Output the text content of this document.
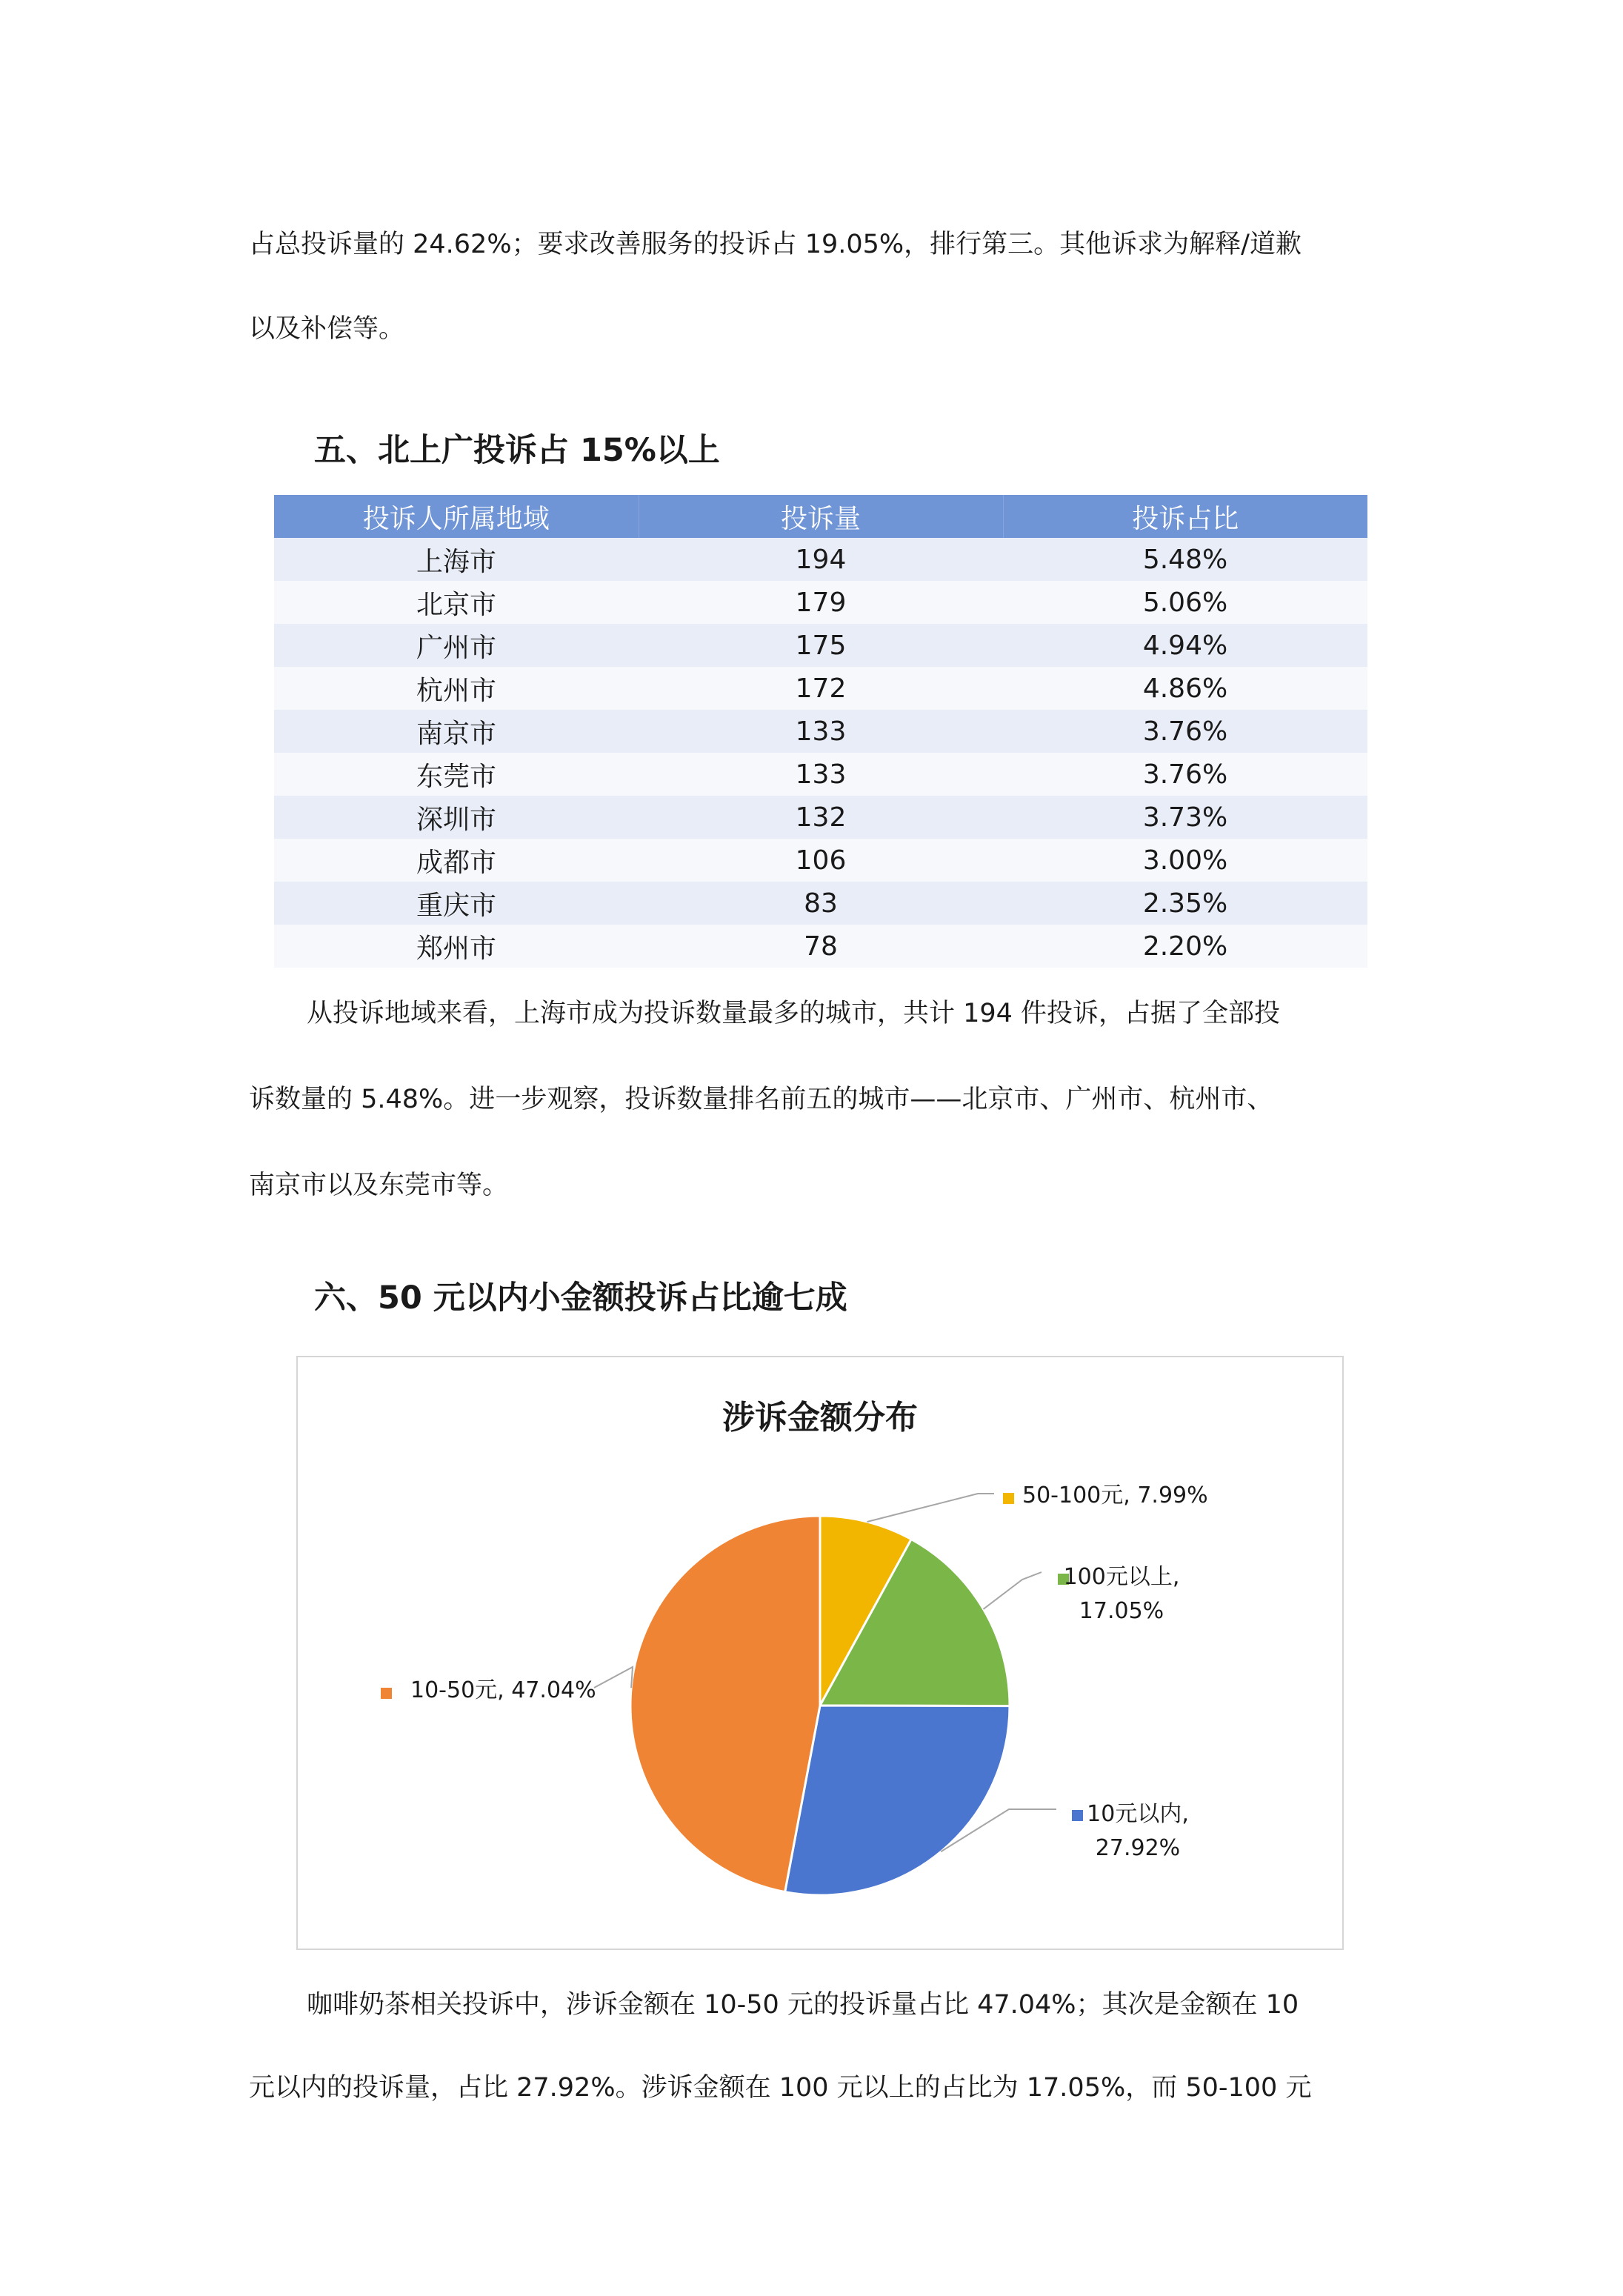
占总投诉量的 24.62%；要求改善服务的投诉占 19.05%，排行第三。其他诉求为解释/道歉

以及补偿等。

五、北上广投诉占 15%以上
投诉人所属地域	投诉量	投诉占比
上海市	194	5.48%
北京市	179	5.06%
广州市	175	4.94%
杭州市	172	4.86%
南京市	133	3.76%
东莞市	133	3.76%
深圳市	132	3.73%
成都市	106	3.00%
重庆市	83	2.35%
郑州市	78	2.20%

从投诉地域来看，上海市成为投诉数量最多的城市，共计 194 件投诉，占据了全部投

诉数量的 5.48%。进一步观察，投诉数量排名前五的城市——北京市、广州市、杭州市、

南京市以及东莞市等。

六、50 元以内小金额投诉占比逾七成
涉诉金额分布
50-100元, 7.99%
100元以上, 17.05%
10元以内, 27.92%
10-50元, 47.04%

咖啡奶茶相关投诉中，涉诉金额在 10-50 元的投诉量占比 47.04%；其次是金额在 10

元以内的投诉量，占比 27.92%。涉诉金额在 100 元以上的占比为 17.05%，而 50-100 元
